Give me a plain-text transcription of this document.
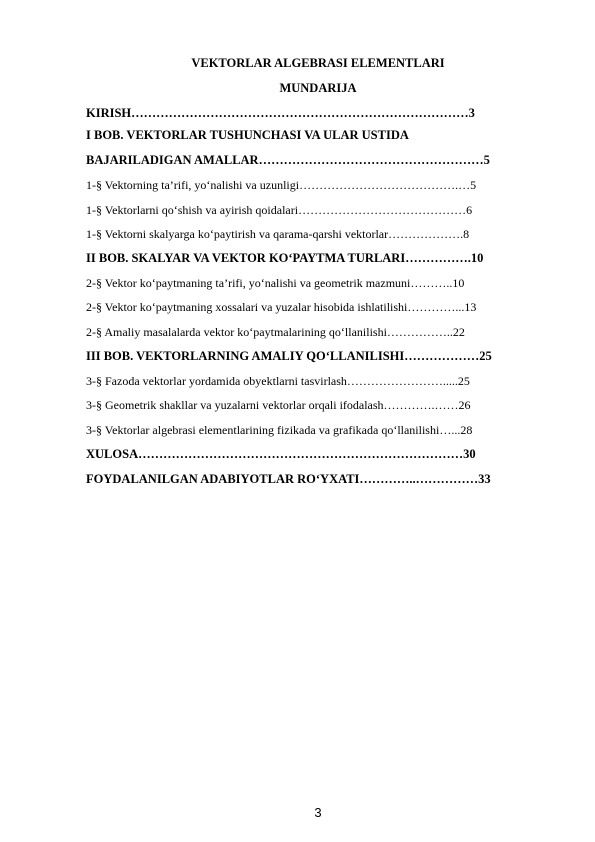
VEKTORLAR ALGEBRASI ELEMENTLARI
MUNDARIJA
KIRISH………………………………………………………………………3
I BOB. VEKTORLAR TUSHUNCHASI VA ULAR USTIDA
BAJARILADIGAN AMALLAR………………………………………………5
1-§ Vektorning ta’rifi, yo‘nalishi va uzunligi………………………………….…5
1-§ Vektorlarni qo‘shish va ayirish qoidalari……………………………………6
1-§ Vektorni skalyarga ko‘paytirish va qarama-qarshi vektorlar……………….8
II BOB. SKALYAR VA VEKTOR KO‘PAYTMA TURLARI…………….10
2-§ Vektor ko‘paytmaning ta’rifi, yo‘nalishi va geometrik mazmuni………..10
2-§ Vektor ko‘paytmaning xossalari va yuzalar hisobida ishlatilishi…………...13
2-§ Amaliy masalalarda vektor ko‘paytmalarining qo‘llanilishi……………..22
III BOB. VEKTORLARNING AMALIY QO‘LLANILISHI………………25
3-§ Fazoda vektorlar yordamida obyektlarni tasvirlash…………………….....25
3-§ Geometrik shakllar va yuzalarni vektorlar orqali ifodalash………….……26
3-§ Vektorlar algebrasi elementlarining fizikada va grafikada qo‘llanilishi…...28
XULOSA……………………………………………………………………30
FOYDALANILGAN ADABIYOTLAR RO‘YXATI…………..……………33
3
